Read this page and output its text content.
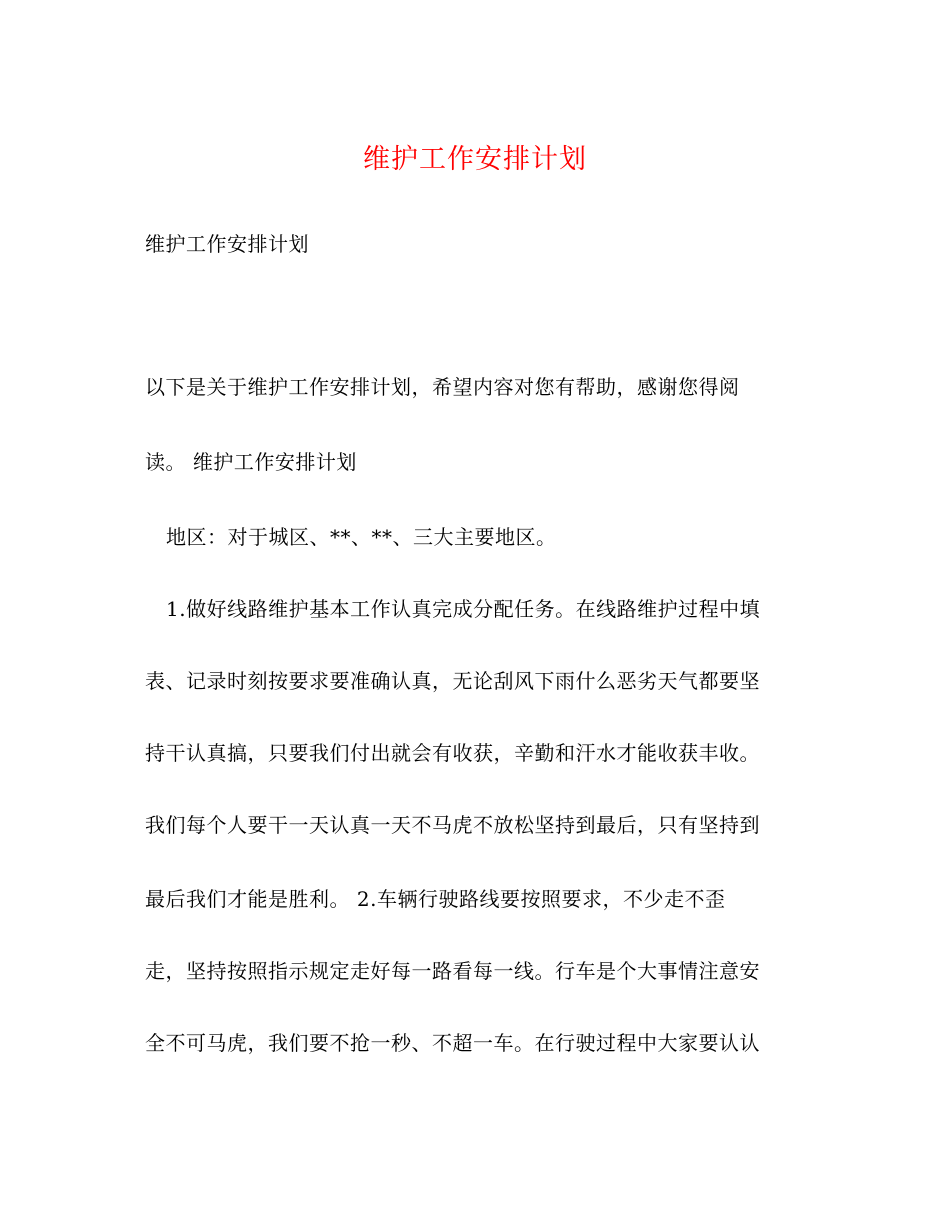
维护工作安排计划
维护工作安排计划
以下是关于维护工作安排计划，希望内容对您有帮助，感谢您得阅
读。 维护工作安排计划
地区：对于城区、**、**、三大主要地区。
1.做好线路维护基本工作认真完成分配任务。在线路维护过程中填
表、记录时刻按要求要准确认真，无论刮风下雨什么恶劣天气都要坚
持干认真搞，只要我们付出就会有收获，辛勤和汗水才能收获丰收。
我们每个人要干一天认真一天不马虎不放松坚持到最后，只有坚持到
最后我们才能是胜利。 2.车辆行驶路线要按照要求，不少走不歪
走，坚持按照指示规定走好每一路看每一线。行车是个大事情注意安
全不可马虎，我们要不抢一秒、不超一车。在行驶过程中大家要认认
